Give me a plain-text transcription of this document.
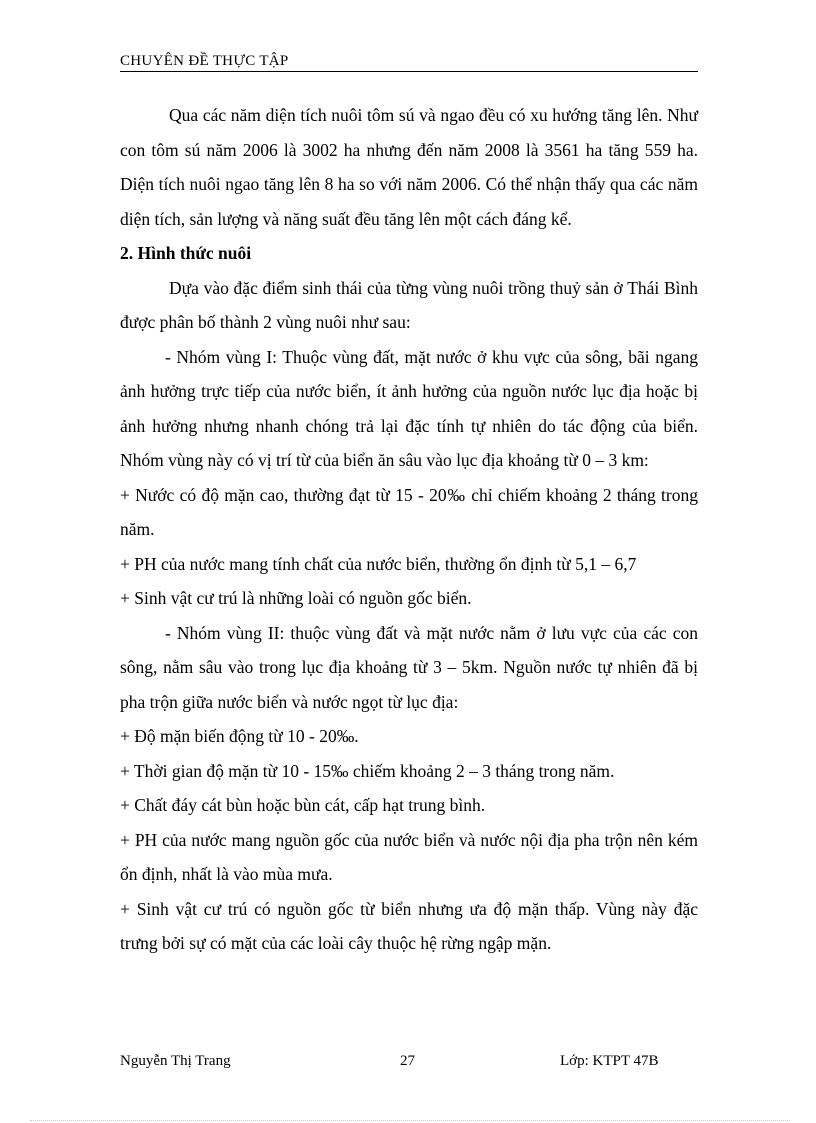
CHUYÊN ĐỀ THỰC TẬP

Qua các năm diện tích nuôi tôm sú và ngao đều có xu hướng tăng lên. Như con tôm sú năm 2006 là 3002 ha nhưng đến năm 2008 là 3561 ha tăng 559 ha. Diện tích nuôi ngao tăng lên 8 ha so với năm 2006. Có thể nhận thấy qua các năm diện tích, sản lượng và năng suất đều tăng lên một cách đáng kể.

2. Hình thức nuôi

Dựa vào đặc điểm sinh thái của từng vùng nuôi trồng thuỷ sản ở Thái Bình được phân bố thành 2 vùng nuôi như sau:

- Nhóm vùng I: Thuộc vùng đất, mặt nước ở khu vực của sông, bãi ngang ảnh hưởng trực tiếp của nước biển, ít ảnh hưởng của nguồn nước lục địa hoặc bị ảnh hưởng nhưng nhanh chóng trả lại đặc tính tự nhiên do tác động của biển. Nhóm vùng này có vị trí từ của biển ăn sâu vào lục địa khoảng từ 0 – 3 km:

+ Nước có độ mặn cao, thường đạt từ 15 - 20‰ chỉ chiếm khoảng 2 tháng trong năm.

+ PH của nước mang tính chất của nước biển, thường ổn định từ 5,1 – 6,7

+ Sinh vật cư trú là những loài có nguồn gốc biển.

- Nhóm vùng II: thuộc vùng đất và mặt nước nằm ở lưu vực của các con sông, nằm sâu vào trong lục địa khoảng từ 3 – 5km. Nguồn nước tự nhiên đã bị pha trộn giữa nước biển và nước ngọt từ lục địa:

+ Độ mặn biến động từ 10 - 20‰.

+ Thời gian độ mặn từ 10 - 15‰ chiếm khoảng 2 – 3 tháng trong năm.

+ Chất đáy cát bùn hoặc bùn cát, cấp hạt trung bình.

+ PH của nước mang nguồn gốc của nước biển và nước nội địa pha trộn nên kém ổn định, nhất là vào mùa mưa.

+ Sinh vật cư trú có nguồn gốc từ biển nhưng ưa độ mặn thấp. Vùng này đặc trưng bởi sự có mặt của các loài cây thuộc hệ rừng ngập mặn.

Nguyễn Thị Trang	27	Lớp: KTPT 47B
